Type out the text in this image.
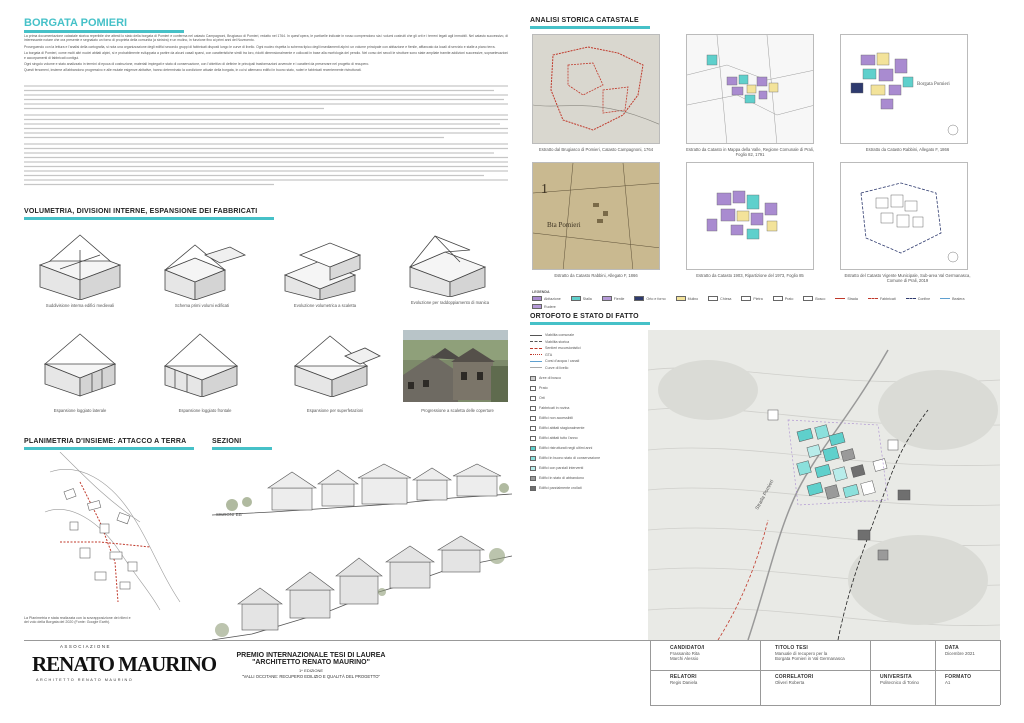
BORGATA POMIERI

La prima documentazione catastale storica reperibile che attesti lo stato della borgata di Pomieri e conferma nel catasto Campagnoni, Brugiasco di Pomieri, redatto nel 1764. In quest'opera, le particelle indicate in rosso comprendono sia i volumi costruiti che gli orti e i terreni legati agli immobili. Nel catasto successivo, di interessante notare che ora presente e segnalato un forno di proprieta della comunita (a sinistra) e un mulino, in funzione fino ai primi anni del Novecento.

Proseguendo con la lettura e l'analisi della cartografia, si nota una organizzazione degli edifici secondo gruppi di fabbricati disposti lungo le curve di livello. Ogni nucleo rispetta lo schema tipico degli insediamenti alpini: un volume principale con abitazione e fienile, affiancato da locali di servizio e stalle a piano terra.

La borgata di Pomieri, come molti altri nuclei abitati alpini, si e probabilmente sviluppata a partire da alcuni casali sparsi, con caratteristiche simili tra loro, ridotti dimensionalmente e collocati in base alla morfologia del pendio. Nel corso dei secoli le strutture sono state ampliate tramite addizioni successive, sopraelevazioni e accorpamenti di fabbricati contigui.

Ogni singolo volume e stato analizzato in termini di epoca di costruzione, materiali impiegati e stato di conservazione, con l'obiettivo di definire le principali trasformazioni avvenute e i caratteri da preservare nel progetto di recupero.

Questi fenomeni, insieme all'abbandono progressivo e alle mutate esigenze abitative, hanno determinato la condizione attuale della borgata, in cui si alternano edifici in buono stato, ruderi e fabbricati recentemente ristrutturati.

VOLUMETRIA, DIVISIONI INTERNE, ESPANSIONE DEI FABBRICATI
Suddivisione interna edifici medievali	Schema primi volumi edificati	Evoluzione volumetrica a scaletta
Evoluzione per raddoppiamento di manica
Espansione loggiato laterale	Espansione loggiato frontale	Espansione per superfetazioni	Progressione a scaletta delle coperture
PLANIMETRIA D'INSIEME: ATTACCO A TERRA
La Planimetria e stata realizzata con la sovrapposizione dei rilievi e del volo della Borgata del 2020 (Fonte: Google Earth).
SEZIONI
SEZIONI BB'
ANALISI STORICA CATASTALE
Estratto dal Brugiasco di Pomieri, Catasto Campagnoni, 1764	Estratto da Catasto in Mappa della Valle, Regione Comunale di Prali, Foglio 82, 1791
Borgata Pomieri
Estratto da Catasto Rabbini, Allegato F, 1866
1
Bta Pomieri
Estratto da Catasto Rabbini, Allegato F, 1866	Estratto da Catasto 1903, Ripartizione del 1973, Foglio 85	Estratto del Catasto Vigente Municipale, Sub-area Val Germanasca, Comune di Prali, 2019
LEGENDA
Abitazione	Stalla	Fienile	Orto e forno	Mulino	Chiesa	Pietra	Prato	Bosco	Strada	Fabbricati	Confine	Bealera
Rudere
ORTOFOTO E STATO DI FATTO
Viabilita comunale
Viabilita storica
Sentieri escursionistici
GTA
Corsi d'acqua / canali
Curve di livello
Aree di bosco
Prato
Orti
Fabbricati in rovina
Edifici non accessibili
Edifici abitati stagionalmente
Edifici abitati tutto l'anno
Edifici ristrutturati negli ultimi anni
Edifici in buono stato di conservazione
Edifici con parziali interventi
Edifici in stato di abbandono
Edifici parzialmente crollati	Strada Pomieri
ASSOCIAZIONE
RENATO MAURINO
ARCHITETTO RENATO MAURINO
PREMIO INTERNAZIONALE TESI DI LAUREA
"ARCHITETTO RENATO MAURINO"
1^ EDIZIONE
"VALLI OCCITANE: RECUPERO EDILIZIO E QUALITÀ DEL PROGETTO"
CANDIDATO/I
Frassanito Rita
Marchi Alessio
TITOLO TESI
Manuale di recupero per la
Borgata Pomieri in Val Germanasca
DATA
Dicembre 2021
RELATORI
Regis Daniela
CORRELATORI
Oliveri Roberta
UNIVERSITA
Politecnico di Torino
FORMATO
A1
